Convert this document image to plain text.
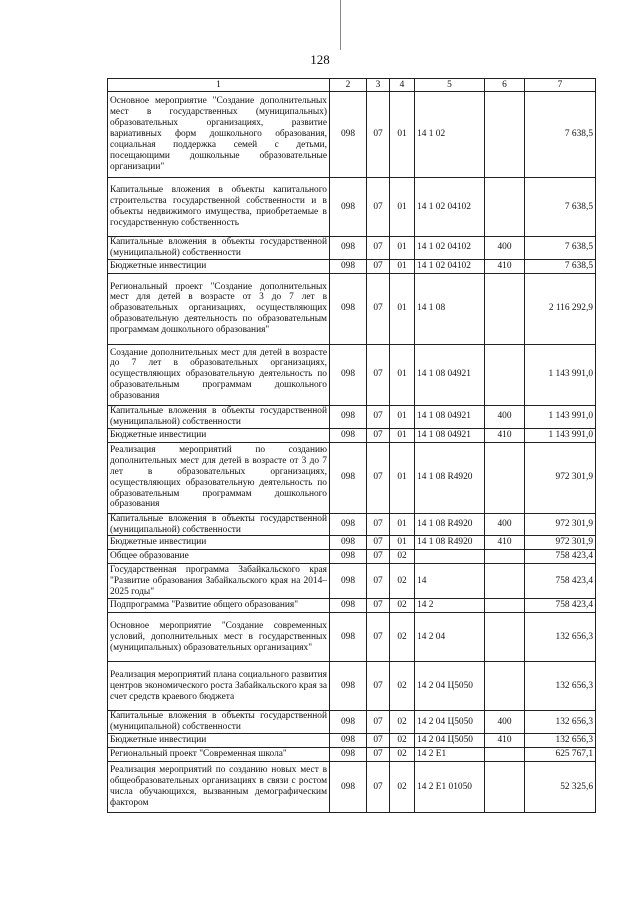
128
1	2	3	4	5	6	7
Основное мероприятие "Создание дополнительных мест в государственных (муниципальных) образовательных организациях, развитие вариативных форм дошкольного образования, социальная поддержка семей с детьми, посещающими дошкольные образовательные организации"	098	07	01	14 1 02		7 638,5
Капитальные вложения в объекты капитального строительства государственной собственности и в объекты недвижимого имущества, приобретаемые в государственную собственность	098	07	01	14 1 02 04102		7 638,5
Капитальные вложения в объекты государственной (муниципальной) собственности	098	07	01	14 1 02 04102	400	7 638,5
Бюджетные инвестиции	098	07	01	14 1 02 04102	410	7 638,5
Региональный проект "Создание дополнительных мест для детей в возрасте от 3 до 7 лет в образовательных организациях, осуществляющих образовательную деятельность по образовательным программам дошкольного образования"	098	07	01	14 1 08		2 116 292,9
Создание дополнительных мест для детей в возрасте до 7 лет в образовательных организациях, осуществляющих образовательную деятельность по образовательным программам дошкольного образования	098	07	01	14 1 08 04921		1 143 991,0
Капитальные вложения в объекты государственной (муниципальной) собственности	098	07	01	14 1 08 04921	400	1 143 991,0
Бюджетные инвестиции	098	07	01	14 1 08 04921	410	1 143 991,0
Реализация мероприятий по созданию дополнительных мест для детей в возрасте от 3 до 7 лет в образовательных организациях, осуществляющих образовательную деятельность по образовательным программам дошкольного образования	098	07	01	14 1 08 R4920		972 301,9
Капитальные вложения в объекты государственной (муниципальной) собственности	098	07	01	14 1 08 R4920	400	972 301,9
Бюджетные инвестиции	098	07	01	14 1 08 R4920	410	972 301,9
Общее образование	098	07	02			758 423,4
Государственная программа Забайкальского края "Развитие образования Забайкальского края на 2014–2025 годы"	098	07	02	14		758 423,4
Подпрограмма "Развитие общего образования"	098	07	02	14 2		758 423,4
Основное мероприятие "Создание современных условий, дополнительных мест в государственных (муниципальных) образовательных организациях"	098	07	02	14 2 04		132 656,3
Реализация мероприятий плана социального развития центров экономического роста Забайкальского края за счет средств краевого бюджета	098	07	02	14 2 04 Ц5050		132 656,3
Капитальные вложения в объекты государственной (муниципальной) собственности	098	07	02	14 2 04 Ц5050	400	132 656,3
Бюджетные инвестиции	098	07	02	14 2 04 Ц5050	410	132 656,3
Региональный проект "Современная школа"	098	07	02	14 2 E1		625 767,1
Реализация мероприятий по созданию новых мест в общеобразовательных организациях в связи с ростом числа обучающихся, вызванным демографическим фактором	098	07	02	14 2 E1 01050		52 325,6
